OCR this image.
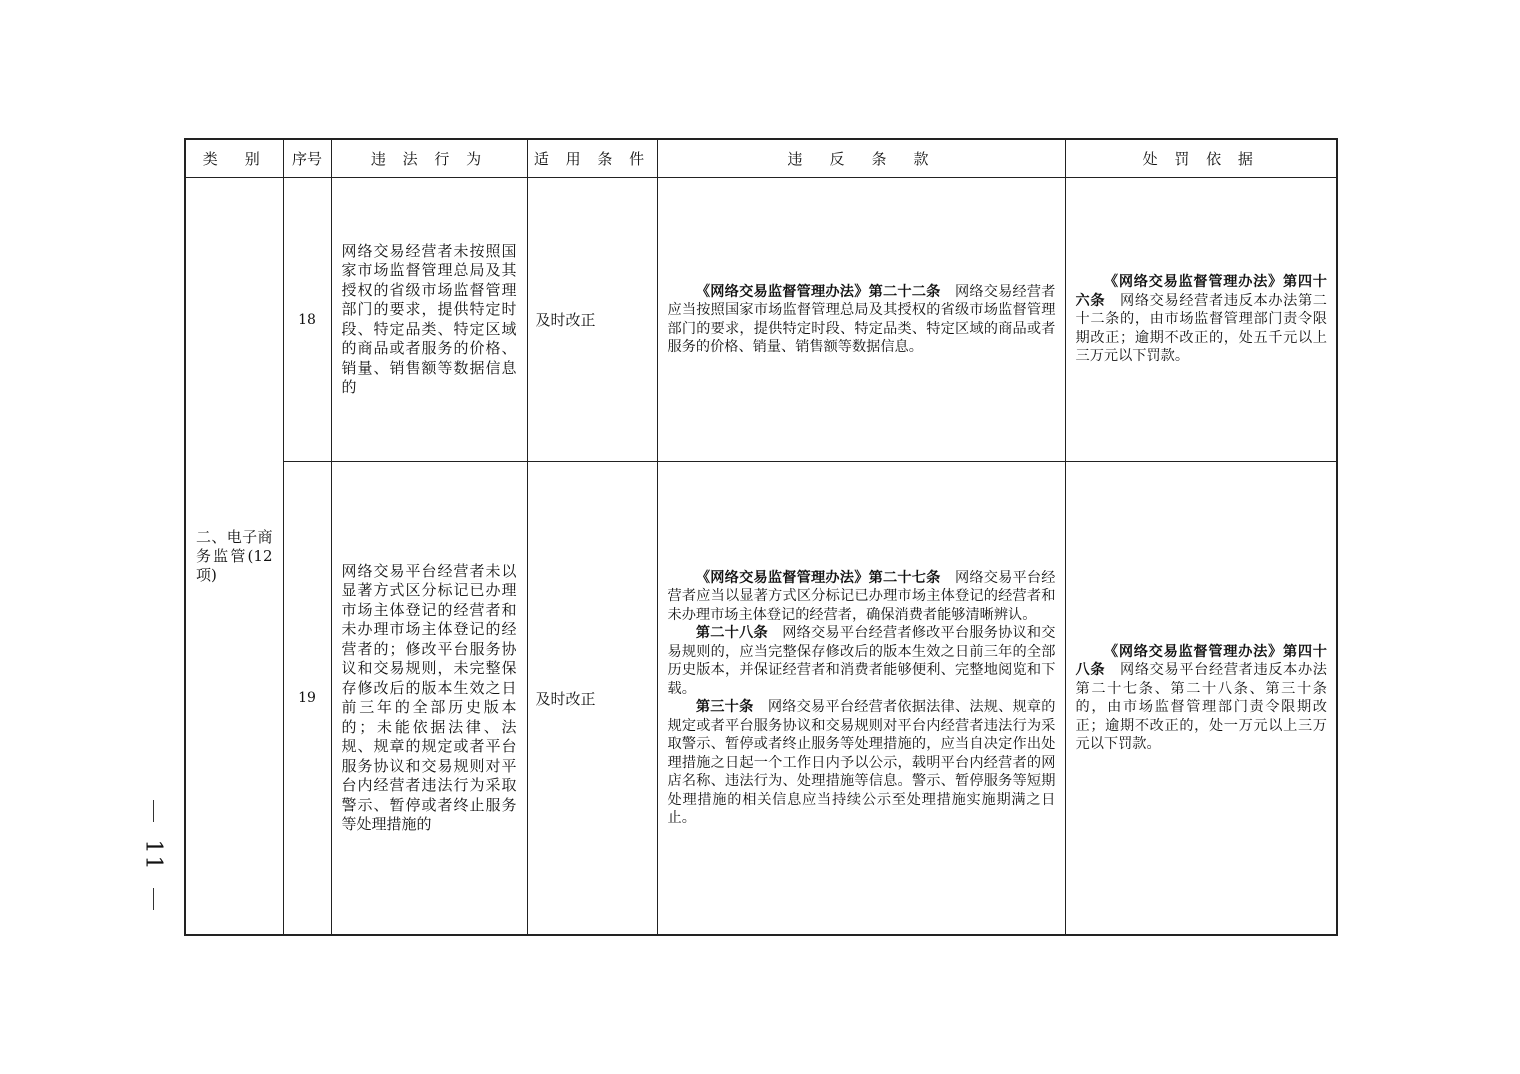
11
类　别	序号	违 法 行 为	适 用 条 件	违　反　条　款	处 罚 依 据
二、电子商务监管(12项)	18	网络交易经营者未按照国家市场监督管理总局及其授权的省级市场监督管理部门的要求，提供特定时段、特定品类、特定区域的商品或者服务的价格、销量、销售额等数据信息的	及时改正	《网络交易监督管理办法》第二十二条　网络交易经营者应当按照国家市场监督管理总局及其授权的省级市场监督管理部门的要求，提供特定时段、特定品类、特定区域的商品或者服务的价格、销量、销售额等数据信息。	《网络交易监督管理办法》第四十六条　网络交易经营者违反本办法第二十二条的，由市场监督管理部门责令限期改正；逾期不改正的，处五千元以上三万元以下罚款。

	19	网络交易平台经营者未以显著方式区分标记已办理市场主体登记的经营者和未办理市场主体登记的经营者的；修改平台服务协议和交易规则，未完整保存修改后的版本生效之日前三年的全部历史版本的；未能依据法律、法规、规章的规定或者平台服务协议和交易规则对平台内经营者违法行为采取警示、暂停或者终止服务等处理措施的	及时改正	《网络交易监督管理办法》第二十七条　网络交易平台经营者应当以显著方式区分标记已办理市场主体登记的经营者和未办理市场主体登记的经营者，确保消费者能够清晰辨认。

第二十八条　网络交易平台经营者修改平台服务协议和交易规则的，应当完整保存修改后的版本生效之日前三年的全部历史版本，并保证经营者和消费者能够便利、完整地阅览和下载。

第三十条　网络交易平台经营者依据法律、法规、规章的规定或者平台服务协议和交易规则对平台内经营者违法行为采取警示、暂停或者终止服务等处理措施的，应当自决定作出处理措施之日起一个工作日内予以公示，载明平台内经营者的网店名称、违法行为、处理措施等信息。警示、暂停服务等短期处理措施的相关信息应当持续公示至处理措施实施期满之日止。	《网络交易监督管理办法》第四十八条　网络交易平台经营者违反本办法第二十七条、第二十八条、第三十条的，由市场监督管理部门责令限期改正；逾期不改正的，处一万元以上三万元以下罚款。
